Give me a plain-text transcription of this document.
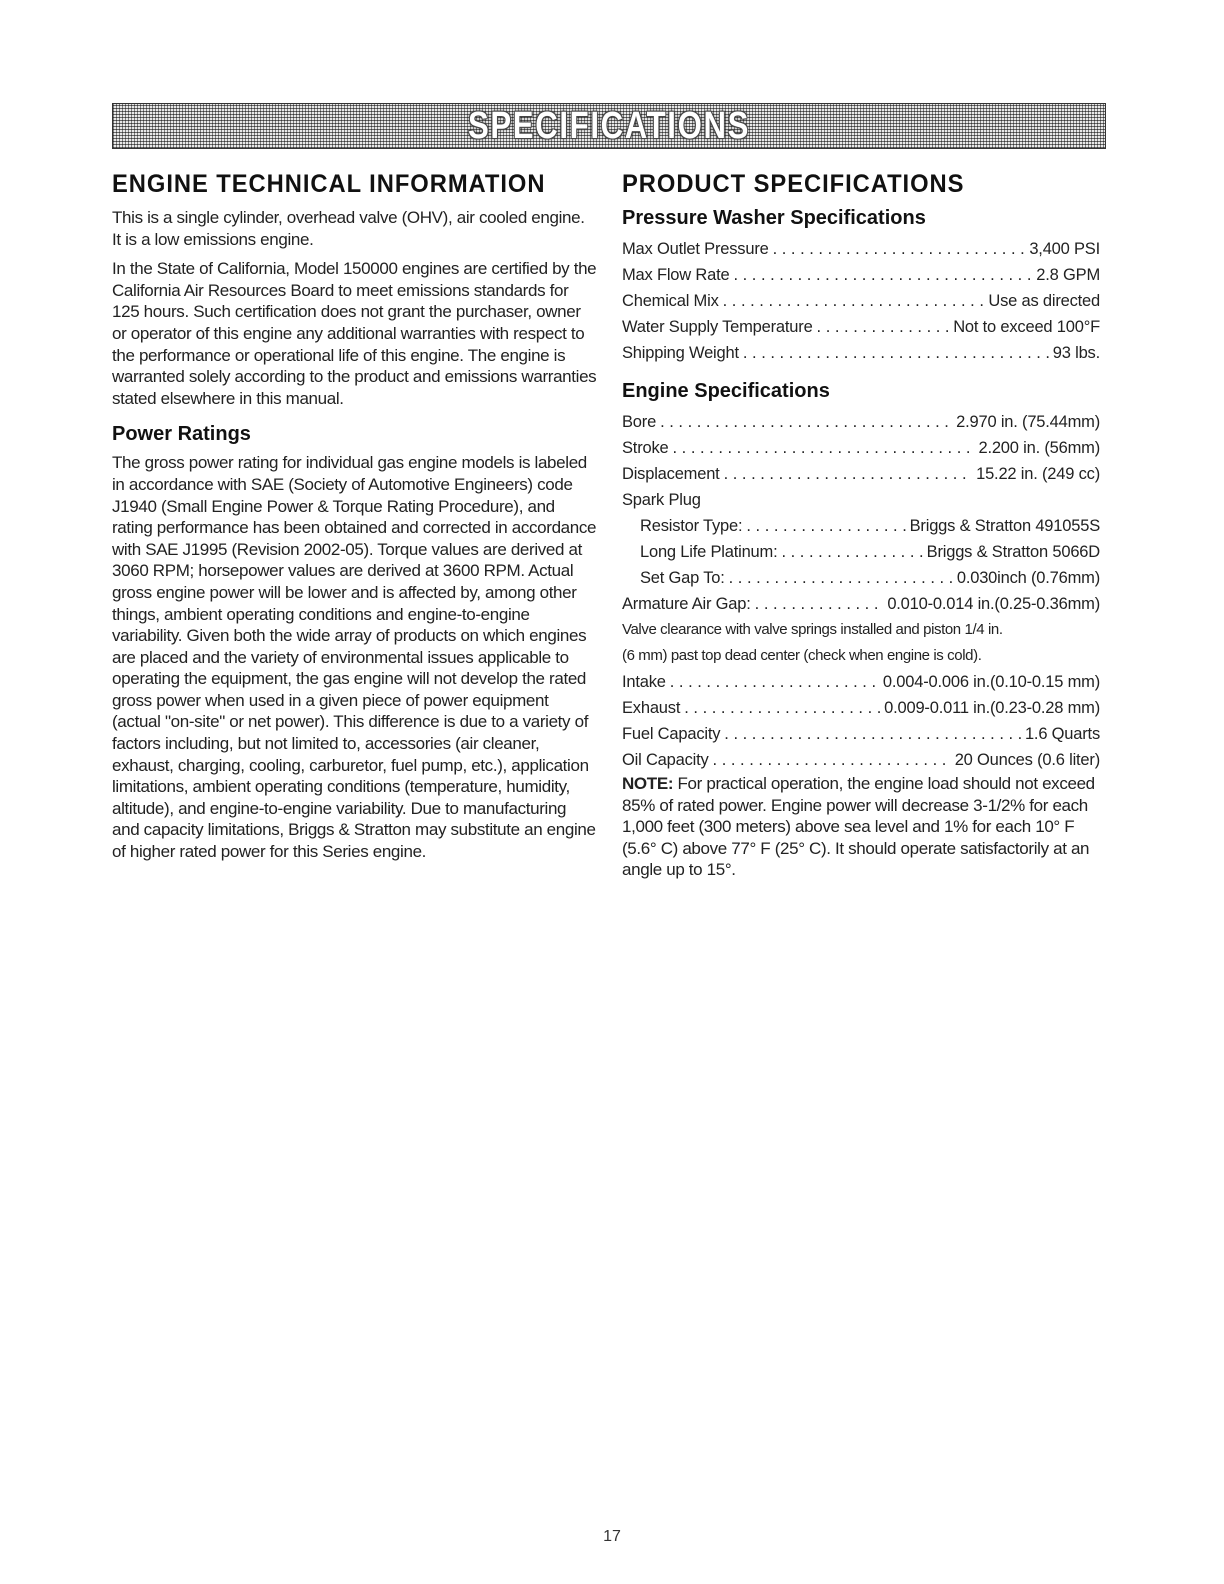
SPECIFICATIONS
ENGINE TECHNICAL INFORMATION

This is a single cylinder, overhead valve (OHV), air cooled engine. It is a low emissions engine.

In the State of California, Model 150000 engines are certified by the California Air Resources Board to meet emissions standards for 125 hours. Such certification does not grant the purchaser, owner or operator of this engine any additional warranties with respect to the performance or operational life of this engine. The engine is warranted solely according to the product and emissions warranties stated elsewhere in this manual.

Power Ratings

The gross power rating for individual gas engine models is labeled in accordance with SAE (Society of Automotive Engineers) code J1940 (Small Engine Power & Torque Rating Procedure), and rating performance has been obtained and corrected in accordance with SAE J1995 (Revision 2002-05). Torque values are derived at 3060 RPM; horsepower values are derived at 3600 RPM. Actual gross engine power will be lower and is affected by, among other things, ambient operating conditions and engine-to-engine variability. Given both the wide array of products on which engines are placed and the variety of environmental issues applicable to operating the equipment, the gas engine will not develop the rated gross power when used in a given piece of power equipment (actual "on-site" or net power). This difference is due to a variety of factors including, but not limited to, accessories (air cleaner, exhaust, charging, cooling, carburetor, fuel pump, etc.), application limitations, ambient operating conditions (temperature, humidity, altitude), and engine-to-engine variability. Due to manufacturing and capacity limitations, Briggs & Stratton may substitute an engine of higher rated power for this Series engine.

PRODUCT SPECIFICATIONS
Pressure Washer Specifications
Max Outlet Pressure . . .	3,400 PSI
Max Flow Rate . . .	2.8 GPM
Chemical Mix . . .	Use as directed
Water Supply Temperature . . .	Not to exceed 100°F
Shipping Weight . . .	93 lbs.
Engine Specifications
Bore . . .	2.970 in. (75.44mm)
Stroke . . .	2.200 in. (56mm)
Displacement . . .	15.22 in. (249 cc)
Spark Plug
Resistor Type: . . .	Briggs & Stratton 491055S
Long Life Platinum: . . .	Briggs & Stratton 5066D
Set Gap To: . . .	0.030inch (0.76mm)
Armature Air Gap: . . .	0.010-0.014 in.(0.25-0.36mm)
Valve clearance with valve springs installed and piston 1/4 in.
(6 mm) past top dead center (check when engine is cold).
Intake . . .	0.004-0.006 in.(0.10-0.15 mm)
Exhaust . . .	0.009-0.011 in.(0.23-0.28 mm)
Fuel Capacity . . .	1.6 Quarts
Oil Capacity . . .	20 Ounces (0.6 liter)

NOTE: For practical operation, the engine load should not exceed 85% of rated power. Engine power will decrease 3-1/2% for each 1,000 feet (300 meters) above sea level and 1% for each 10° F (5.6° C) above 77° F (25° C). It should operate satisfactorily at an angle up to 15°.

17
